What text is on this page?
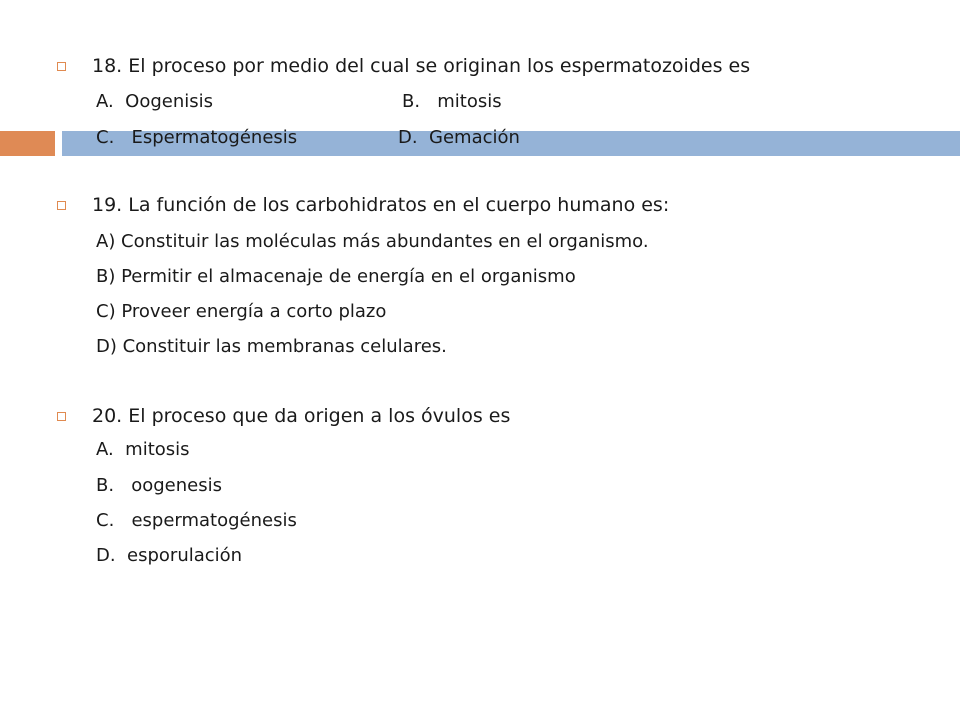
18. El proceso por medio del cual se originan los espermatozoides es
A.  Oogenisis	B.   mitosis
C.   Espermatogénesis	D.  Gemación
19. La función de los carbohidratos en el cuerpo humano es:
A) Constituir las moléculas más abundantes en el organismo.
B) Permitir el almacenaje de energía en el organismo
C) Proveer energía a corto plazo
D) Constituir las membranas celulares.
20. El proceso que da origen a los óvulos es
A.  mitosis
B.   oogenesis
C.   espermatogénesis
D.  esporulación
